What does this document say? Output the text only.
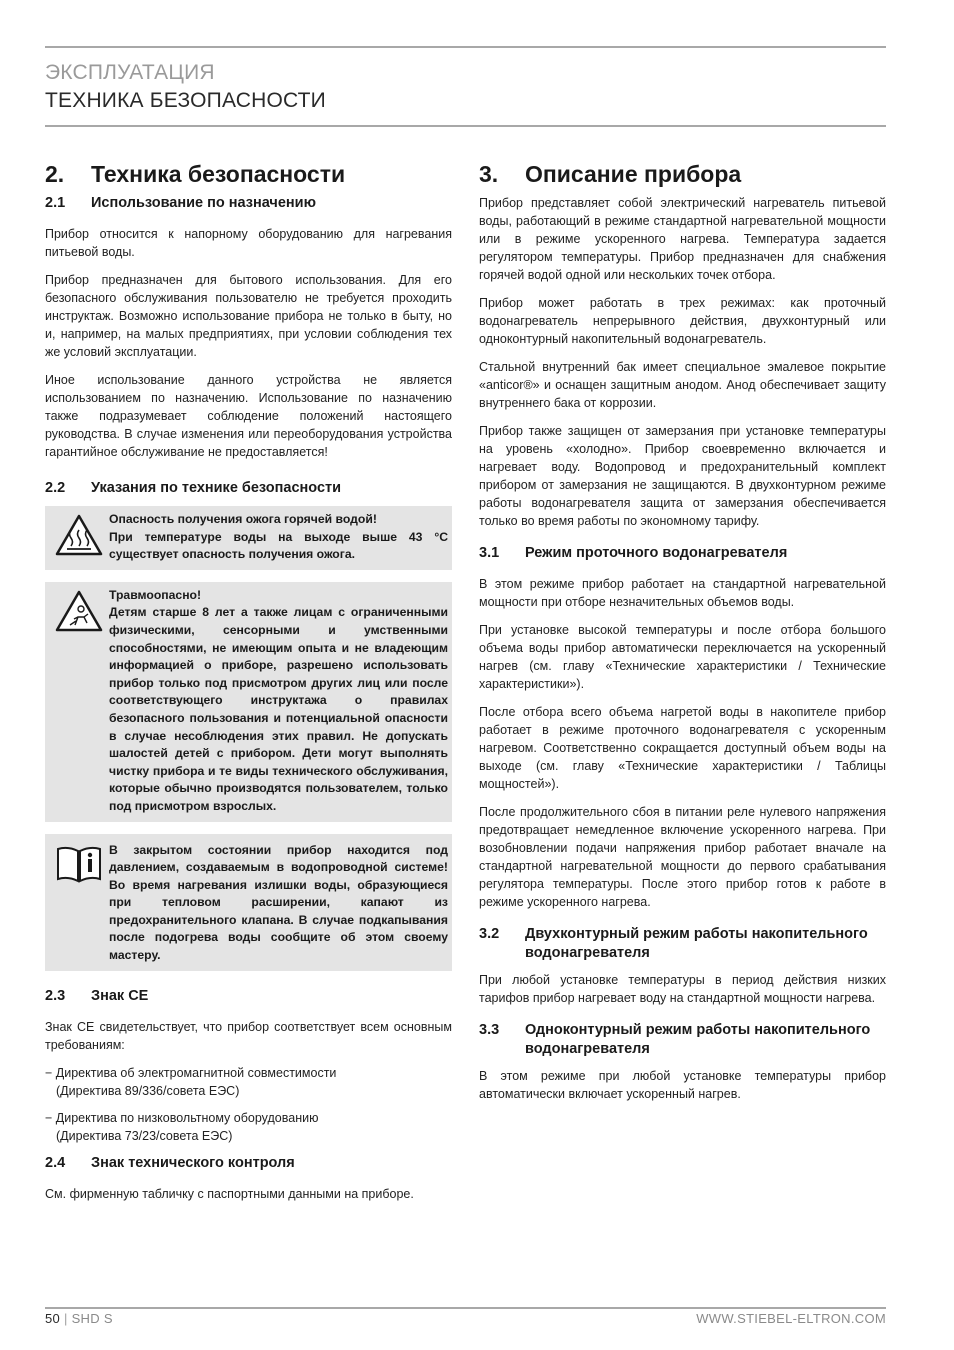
ЭКСПЛУАТАЦИЯ
ТЕХНИКА БЕЗОПАСНОСТИ
2.	Техника безопасности
2.1	Использование по назначению

Прибор относится к напорному оборудованию для нагревания питьевой воды.

Прибор предназначен для бытового использования. Для его безопасного обслуживания пользователю не требуется проходить инструктаж. Возможно использование прибора не только в быту, но и, например, на малых предприятиях, при условии соблюдения тех же условий эксплуатации.

Иное использование данного устройства не является использованием по назначению. Использование по назначению также подразумевает соблюдение положений настоящего руководства. В случае изменения или переоборудования устройства гарантийное обслуживание не предоставляется!

2.2	Указания по технике безопасности
Опасность получения ожога горячей водой!
При температуре воды на выходе выше 43 °C существует опасность получения ожога.
Травмоопасно!
Детям старше 8 лет а также лицам с ограниченными физическими, сенсорными и умственными способностями, не имеющим опыта и не владеющим информацией о приборе, разрешено использовать прибор только под присмотром других лиц или после соответствующего инструктажа о правилах безопасного пользования и потенциальной опасности в случае несоблюдения этих правил. Не допускать шалостей детей с прибором. Дети могут выполнять чистку прибора и те виды технического обслуживания, которые обычно производятся пользователем, только под присмотром взрослых.
В закрытом состоянии прибор находится под давлением, создаваемым в водопроводной системе! Во время нагревания излишки воды, образующиеся при тепловом расширении, капают из предохранительного клапана. В случае подкапывания после подогрева воды сообщите об этом своему мастеру.
2.3	Знак CE

Знак CE свидетельствует, что прибор соответствует всем основным требованиям:

− Директива об электромагнитной совместимости
(Директива 89/336/совета ЕЭС)
− Директива по низковольтному оборудованию
(Директива 73/23/совета ЕЭС)
2.4	Знак технического контроля

См. фирменную табличку с паспортными данными на приборе.

3.	Описание прибора

Прибор представляет собой электрический нагреватель питьевой воды, работающий в режиме стандартной нагревательной мощности или в режиме ускоренного нагрева. Температура задается регулятором температуры. Прибор предназначен для снабжения горячей водой одной или нескольких точек отбора.

Прибор может работать в трех режимах: как проточный водонагреватель непрерывного действия, двухконтурный или одноконтурный накопительный водонагреватель.

Стальной внутренний бак имеет специальное эмалевое покрытие «anticor®» и оснащен защитным анодом. Анод обеспечивает защиту внутреннего бака от коррозии.

Прибор также защищен от замерзания при установке температуры на уровень «холодно». Прибор своевременно включается и нагревает воду. Водопровод и предохранительный комплект прибором от замерзания не защищаются. В двухконтурном режиме работы водонагревателя защита от замерзания обеспечивается только во время работы по экономному тарифу.

3.1	Режим проточного водонагревателя

В этом режиме прибор работает на стандартной нагревательной мощности при отборе незначительных объемов воды.

При установке высокой температуры и после отбора большого объема воды прибор автоматически переключается на ускоренный нагрев (см. главу «Технические характеристики / Технические характеристики»).

После отбора всего объема нагретой воды в накопителе прибор работает в режиме проточного водонагревателя с ускоренным нагревом. Соответственно сокращается доступный объем воды на выходе (см. главу «Технические характеристики / Таблицы мощностей»).

После продолжительного сбоя в питании реле нулевого напряжения предотвращает немедленное включение ускоренного нагрева. При возобновлении подачи напряжения прибор работает вначале на стандартной нагревательной мощности до первого срабатывания регулятора температуры. После этого прибор готов к работе в режиме ускоренного нагрева.

3.2	Двухконтурный режим работы накопительного водонагревателя

При любой установке температуры в период действия низких тарифов прибор нагревает воду на стандартной мощности нагрева.

3.3	Одноконтурный режим работы накопительного водонагревателя

В этом режиме при любой установке температуры прибор автоматически включает ускоренный нагрев.

50 | SHD S	WWW.STIEBEL-ELTRON.COM
